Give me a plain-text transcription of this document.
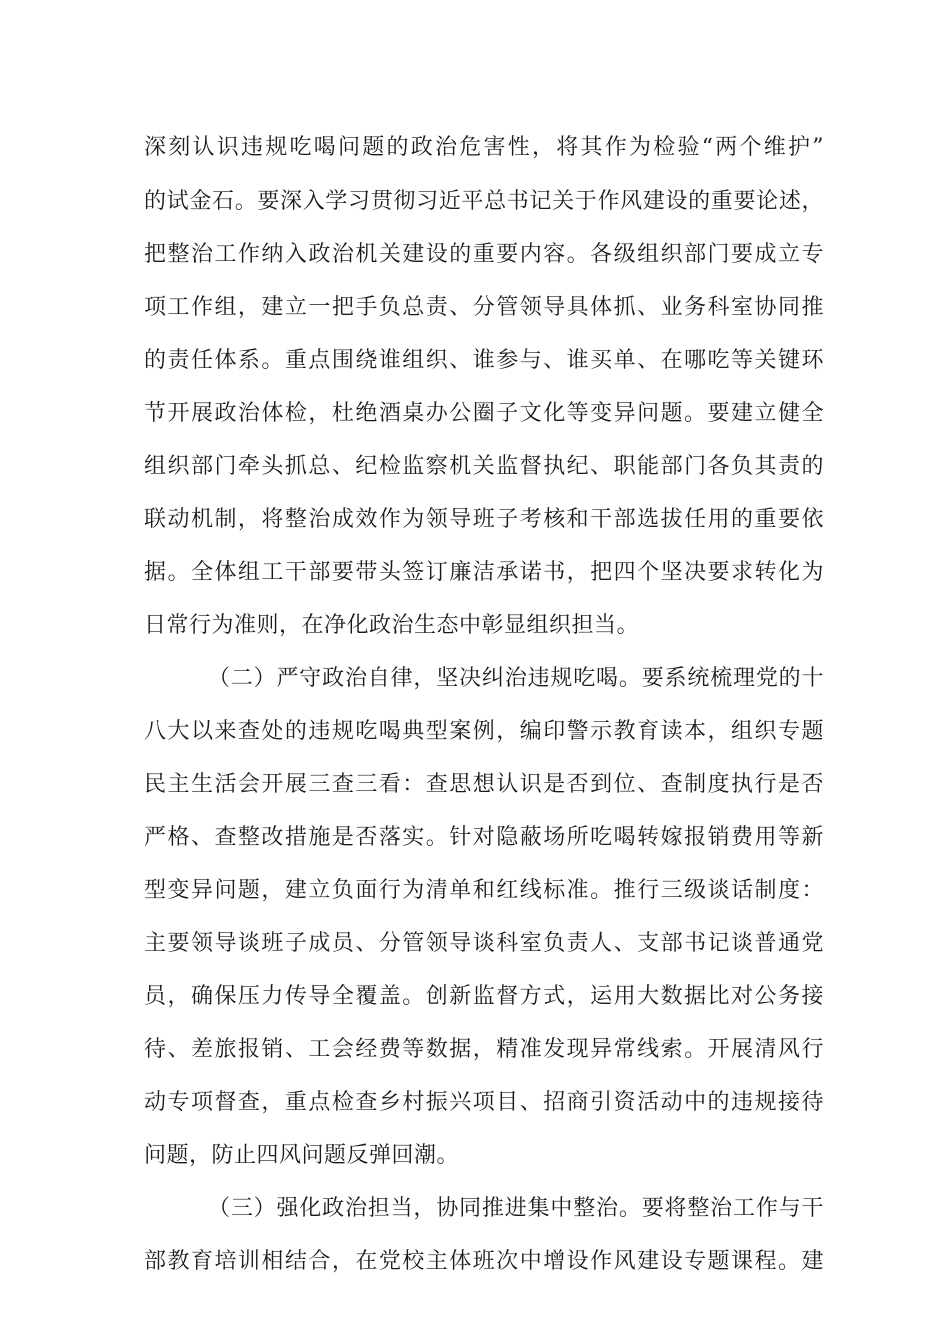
深刻认识违规吃喝问题的政治危害性，将其作为检验“两个维护”
的试金石。要深入学习贯彻习近平总书记关于作风建设的重要论述，
把整治工作纳入政治机关建设的重要内容。各级组织部门要成立专
项工作组，建立一把手负总责、分管领导具体抓、业务科室协同推
的责任体系。重点围绕谁组织、谁参与、谁买单、在哪吃等关键环
节开展政治体检，杜绝酒桌办公圈子文化等变异问题。要建立健全
组织部门牵头抓总、纪检监察机关监督执纪、职能部门各负其责的
联动机制，将整治成效作为领导班子考核和干部选拔任用的重要依
据。全体组工干部要带头签订廉洁承诺书，把四个坚决要求转化为
日常行为准则，在净化政治生态中彰显组织担当。
（二）严守政治自律，坚决纠治违规吃喝。要系统梳理党的十
八大以来查处的违规吃喝典型案例，编印警示教育读本，组织专题
民主生活会开展三查三看：查思想认识是否到位、查制度执行是否
严格、查整改措施是否落实。针对隐蔽场所吃喝转嫁报销费用等新
型变异问题，建立负面行为清单和红线标准。推行三级谈话制度：
主要领导谈班子成员、分管领导谈科室负责人、支部书记谈普通党
员，确保压力传导全覆盖。创新监督方式，运用大数据比对公务接
待、差旅报销、工会经费等数据，精准发现异常线索。开展清风行
动专项督查，重点检查乡村振兴项目、招商引资活动中的违规接待
问题，防止四风问题反弹回潮。
（三）强化政治担当，协同推进集中整治。要将整治工作与干
部教育培训相结合，在党校主体班次中增设作风建设专题课程。建
